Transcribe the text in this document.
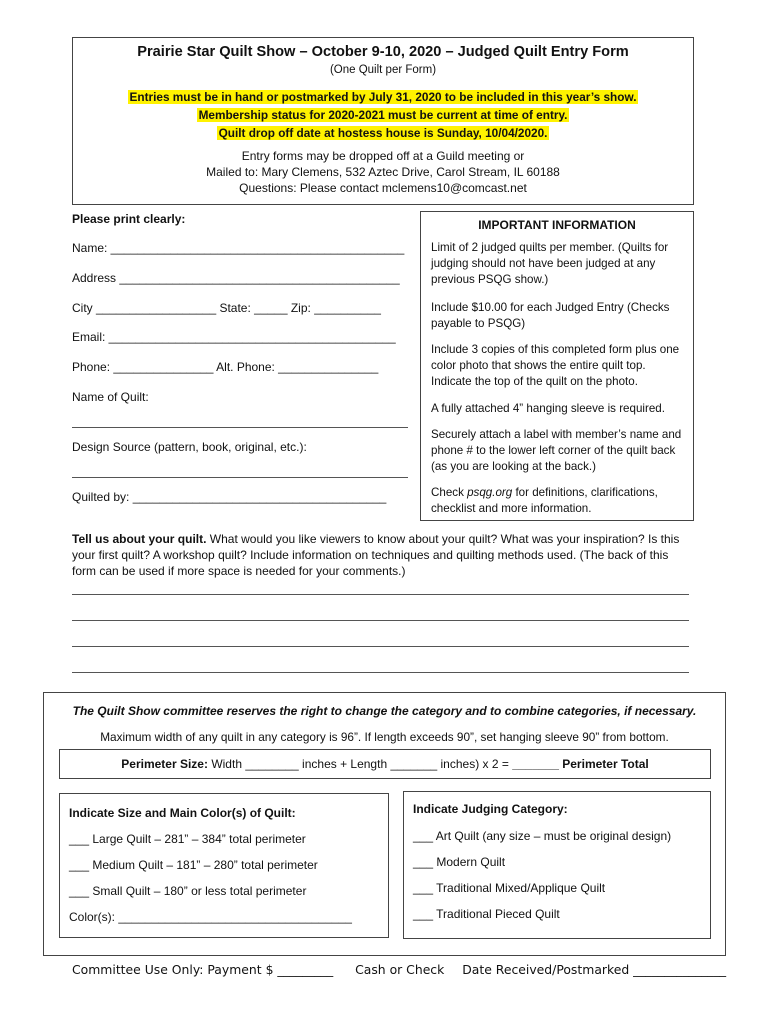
Prairie Star Quilt Show – October 9-10, 2020 – Judged Quilt Entry Form
(One Quilt per Form)
Entries must be in hand or postmarked by July 31, 2020 to be included in this year’s show.
Membership status for 2020-2021 must be current at time of entry.
Quilt drop off date at hostess house is Sunday, 10/04/2020.
Entry forms may be dropped off at a Guild meeting or
Mailed to: Mary Clemens, 532 Aztec Drive, Carol Stream, IL 60188
Questions: Please contact mclemens10@comcast.net
Please print clearly:
Name: ____________________________________________
Address __________________________________________
City __________________ State: _____ Zip: __________
Email: ___________________________________________
Phone: _______________ Alt. Phone: _______________
Name of Quilt:
Design Source (pattern, book, original, etc.):
Quilted by: ______________________________________
IMPORTANT INFORMATION
Limit of 2 judged quilts per member. (Quilts for judging should not have been judged at any previous PSQG show.)
Include $10.00 for each Judged Entry (Checks payable to PSQG)
Include 3 copies of this completed form plus one color photo that shows the entire quilt top. Indicate the top of the quilt on the photo.
A fully attached 4” hanging sleeve is required.
Securely attach a label with member’s name and phone # to the lower left corner of the quilt back (as you are looking at the back.)
Check psqg.org for definitions, clarifications, checklist and more information.
Tell us about your quilt. What would you like viewers to know about your quilt? What was your inspiration? Is this your first quilt? A workshop quilt? Include information on techniques and quilting methods used. (The back of this form can be used if more space is needed for your comments.)
The Quilt Show committee reserves the right to change the category and to combine categories, if necessary.
Maximum width of any quilt in any category is 96”. If length exceeds 90”, set hanging sleeve 90” from bottom.
Perimeter Size: Width ________ inches + Length _______ inches) x 2 = _______ Perimeter Total
Indicate Size and Main Color(s) of Quilt:
___ Large Quilt – 281” – 384” total perimeter
___ Medium Quilt – 181” – 280” total perimeter
___ Small Quilt – 180” or less total perimeter
Color(s): ___________________________________
Indicate Judging Category:
___ Art Quilt (any size – must be original design)
___ Modern Quilt
___ Traditional Mixed/Applique Quilt
___ Traditional Pieced Quilt
Committee Use Only: Payment $ _________ Cash or Check Date Received/Postmarked _______________
